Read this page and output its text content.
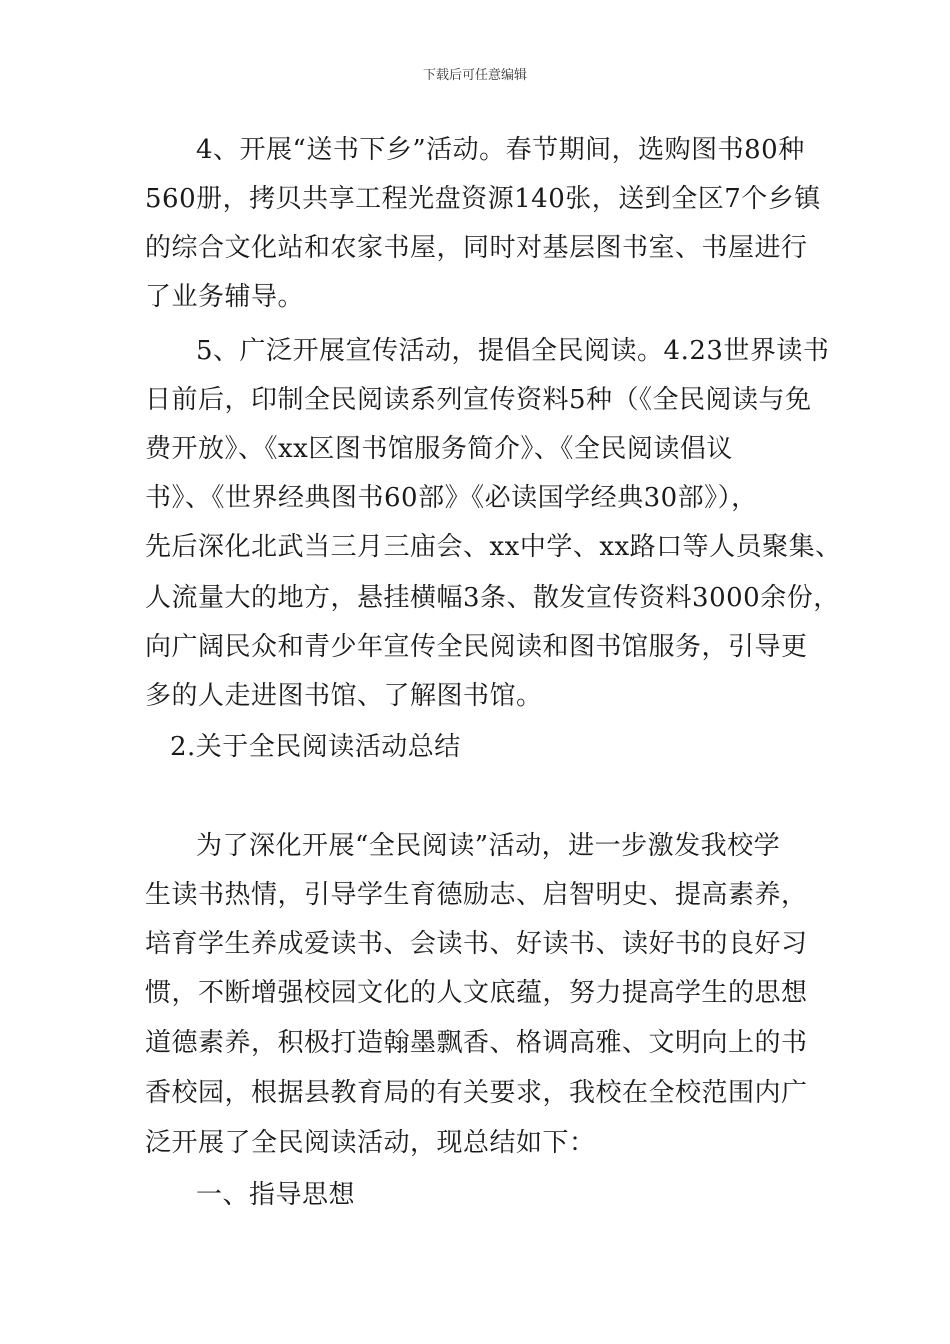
下载后可任意编辑
4、开展“送书下乡”活动。春节期间，选购图书80种
560册，拷贝共享工程光盘资源140张，送到全区7个乡镇
的综合文化站和农家书屋，同时对基层图书室、书屋进行
了业务辅导。
5、广泛开展宣传活动，提倡全民阅读。4.23世界读书
日前后，印制全民阅读系列宣传资料5种（《全民阅读与免
费开放》、《xx区图书馆服务简介》、《全民阅读倡议
书》、《世界经典图书60部》《必读国学经典30部》），
先后深化北武当三月三庙会、xx中学、xx路口等人员聚集、
人流量大的地方，悬挂横幅3条、散发宣传资料3000余份，
向广阔民众和青少年宣传全民阅读和图书馆服务，引导更
多的人走进图书馆、了解图书馆。
2.关于全民阅读活动总结
为了深化开展“全民阅读”活动，进一步激发我校学
生读书热情，引导学生育德励志、启智明史、提高素养，
培育学生养成爱读书、会读书、好读书、读好书的良好习
惯，不断增强校园文化的人文底蕴，努力提高学生的思想
道德素养，积极打造翰墨飘香、格调高雅、文明向上的书
香校园，根据县教育局的有关要求，我校在全校范围内广
泛开展了全民阅读活动，现总结如下：
一、指导思想
